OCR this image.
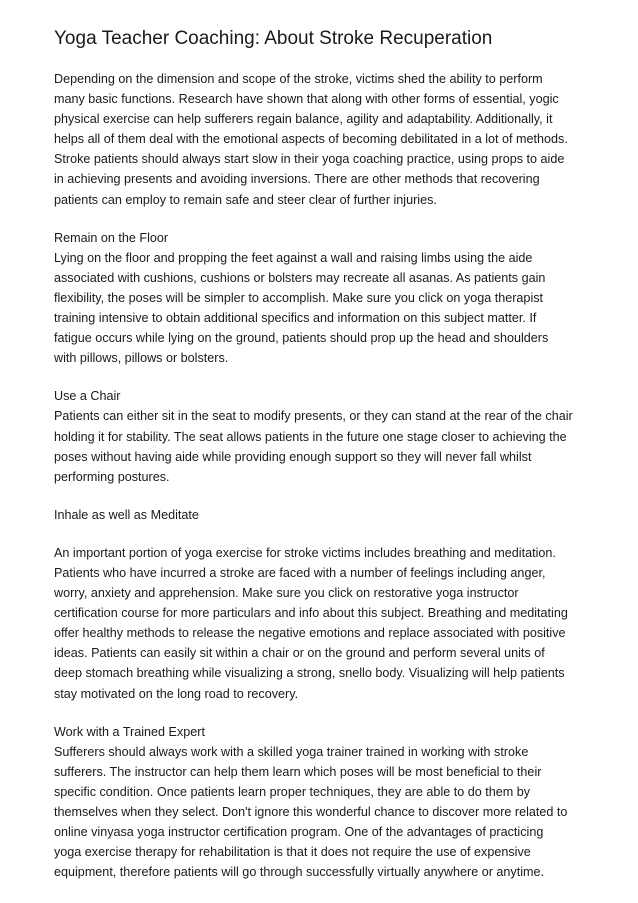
Yoga Teacher Coaching: About Stroke Recuperation
Depending on the dimension and scope of the stroke, victims shed the ability to perform
many basic functions. Research have shown that along with other forms of essential, yogic
physical exercise can help sufferers regain balance, agility and adaptability. Additionally, it
helps all of them deal with the emotional aspects of becoming debilitated in a lot of methods.
Stroke patients should always start slow in their yoga coaching practice, using props to aide
in achieving presents and avoiding inversions. There are other methods that recovering
patients can employ to remain safe and steer clear of further injuries.
Remain on the Floor
Lying on the floor and propping the feet against a wall and raising limbs using the aide
associated with cushions, cushions or bolsters may recreate all asanas. As patients gain
flexibility, the poses will be simpler to accomplish. Make sure you click on yoga therapist
training intensive to obtain additional specifics and information on this subject matter. If
fatigue occurs while lying on the ground, patients should prop up the head and shoulders
with pillows, pillows or bolsters.
Use a Chair
Patients can either sit in the seat to modify presents, or they can stand at the rear of the chair
holding it for stability. The seat allows patients in the future one stage closer to achieving the
poses without having aide while providing enough support so they will never fall whilst
performing postures.
Inhale as well as Meditate
An important portion of yoga exercise for stroke victims includes breathing and meditation.
Patients who have incurred a stroke are faced with a number of feelings including anger,
worry, anxiety and apprehension. Make sure you click on restorative yoga instructor
certification course for more particulars and info about this subject. Breathing and meditating
offer healthy methods to release the negative emotions and replace associated with positive
ideas. Patients can easily sit within a chair or on the ground and perform several units of
deep stomach breathing while visualizing a strong, snello body. Visualizing will help patients
stay motivated on the long road to recovery.
Work with a Trained Expert
Sufferers should always work with a skilled yoga trainer trained in working with stroke
sufferers. The instructor can help them learn which poses will be most beneficial to their
specific condition. Once patients learn proper techniques, they are able to do them by
themselves when they select. Don't ignore this wonderful chance to discover more related to
online vinyasa yoga instructor certification program. One of the advantages of practicing
yoga exercise therapy for rehabilitation is that it does not require the use of expensive
equipment, therefore patients will go through successfully virtually anywhere or anytime.
